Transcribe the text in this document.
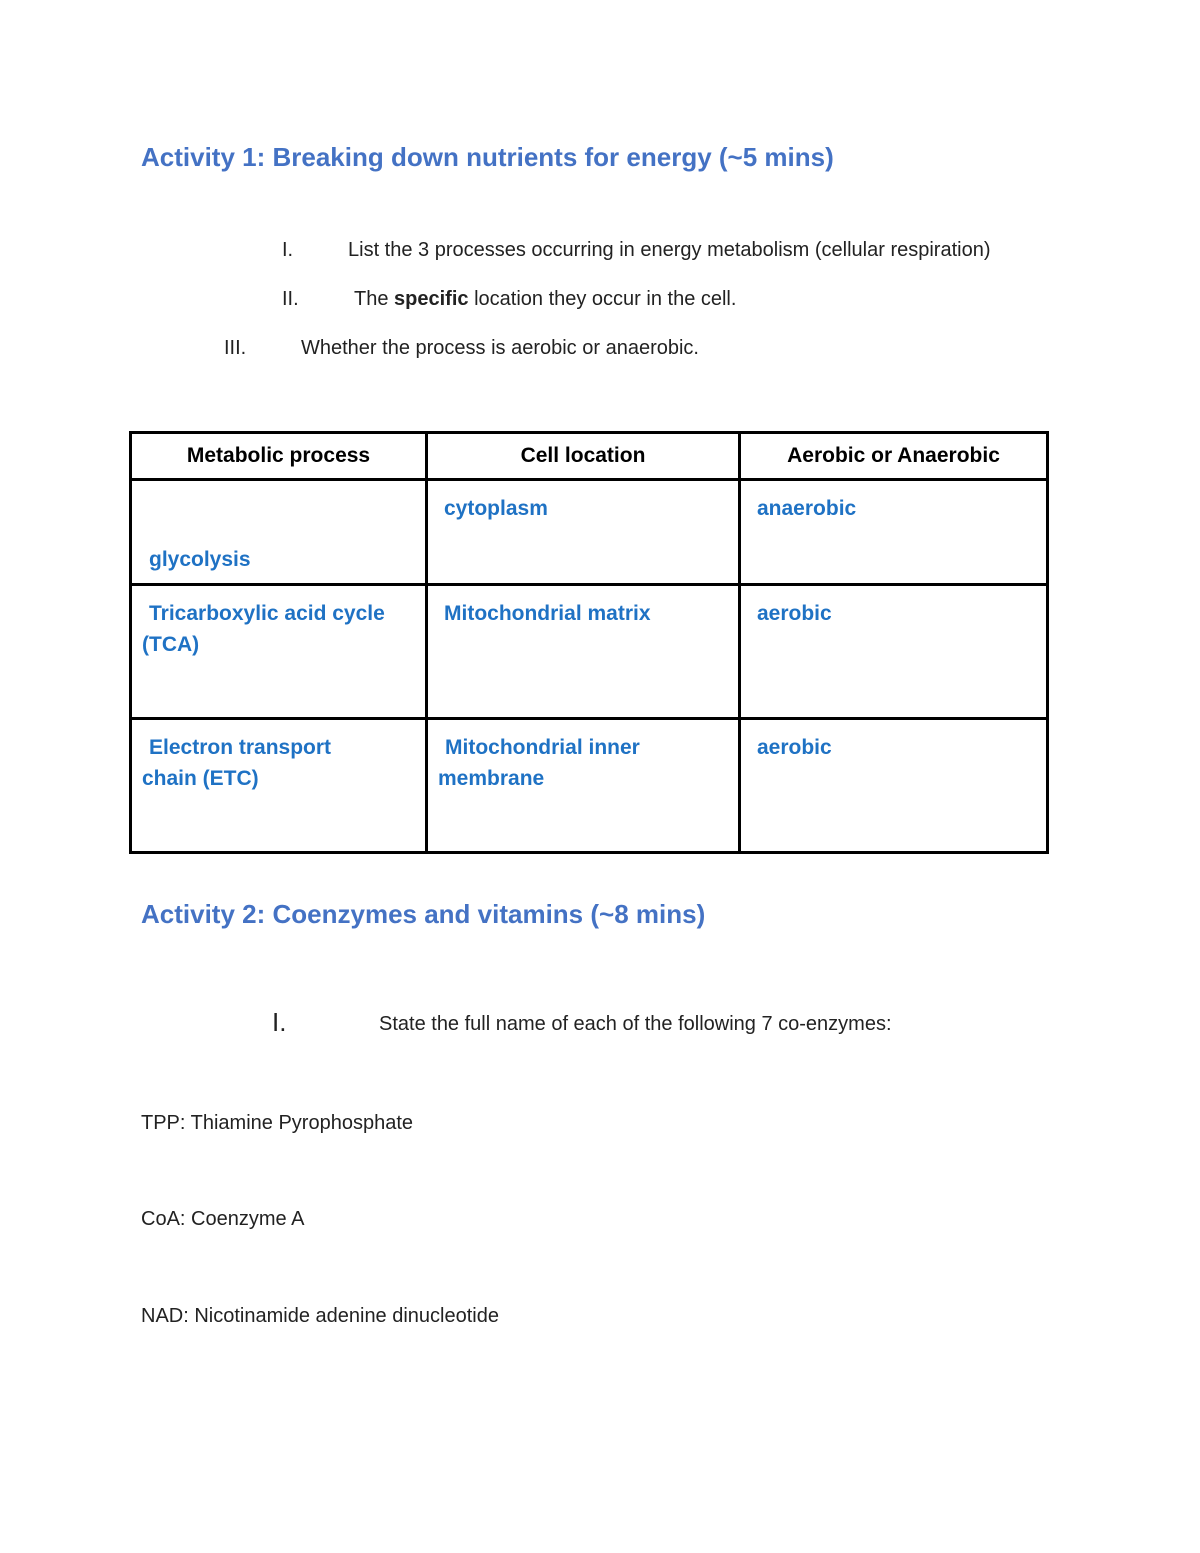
Activity 1: Breaking down nutrients for energy (~5 mins)
I.	List the 3 processes occurring in energy metabolism (cellular respiration)
II.	The specific location they occur in the cell.
III.	Whether the process is aerobic or anaerobic.
Metabolic process	Cell location	Aerobic or Anaerobic

glycolysis	cytoplasm	anaerobic
Tricarboxylic acid cycle (TCA)	Mitochondrial matrix	aerobic
Electron transport chain (ETC)	Mitochondrial inner membrane	aerobic
Activity 2: Coenzymes and vitamins (~8 mins)
I.	State the full name of each of the following 7 co-enzymes:
TPP: Thiamine Pyrophosphate
CoA: Coenzyme A
NAD: Nicotinamide adenine dinucleotide
